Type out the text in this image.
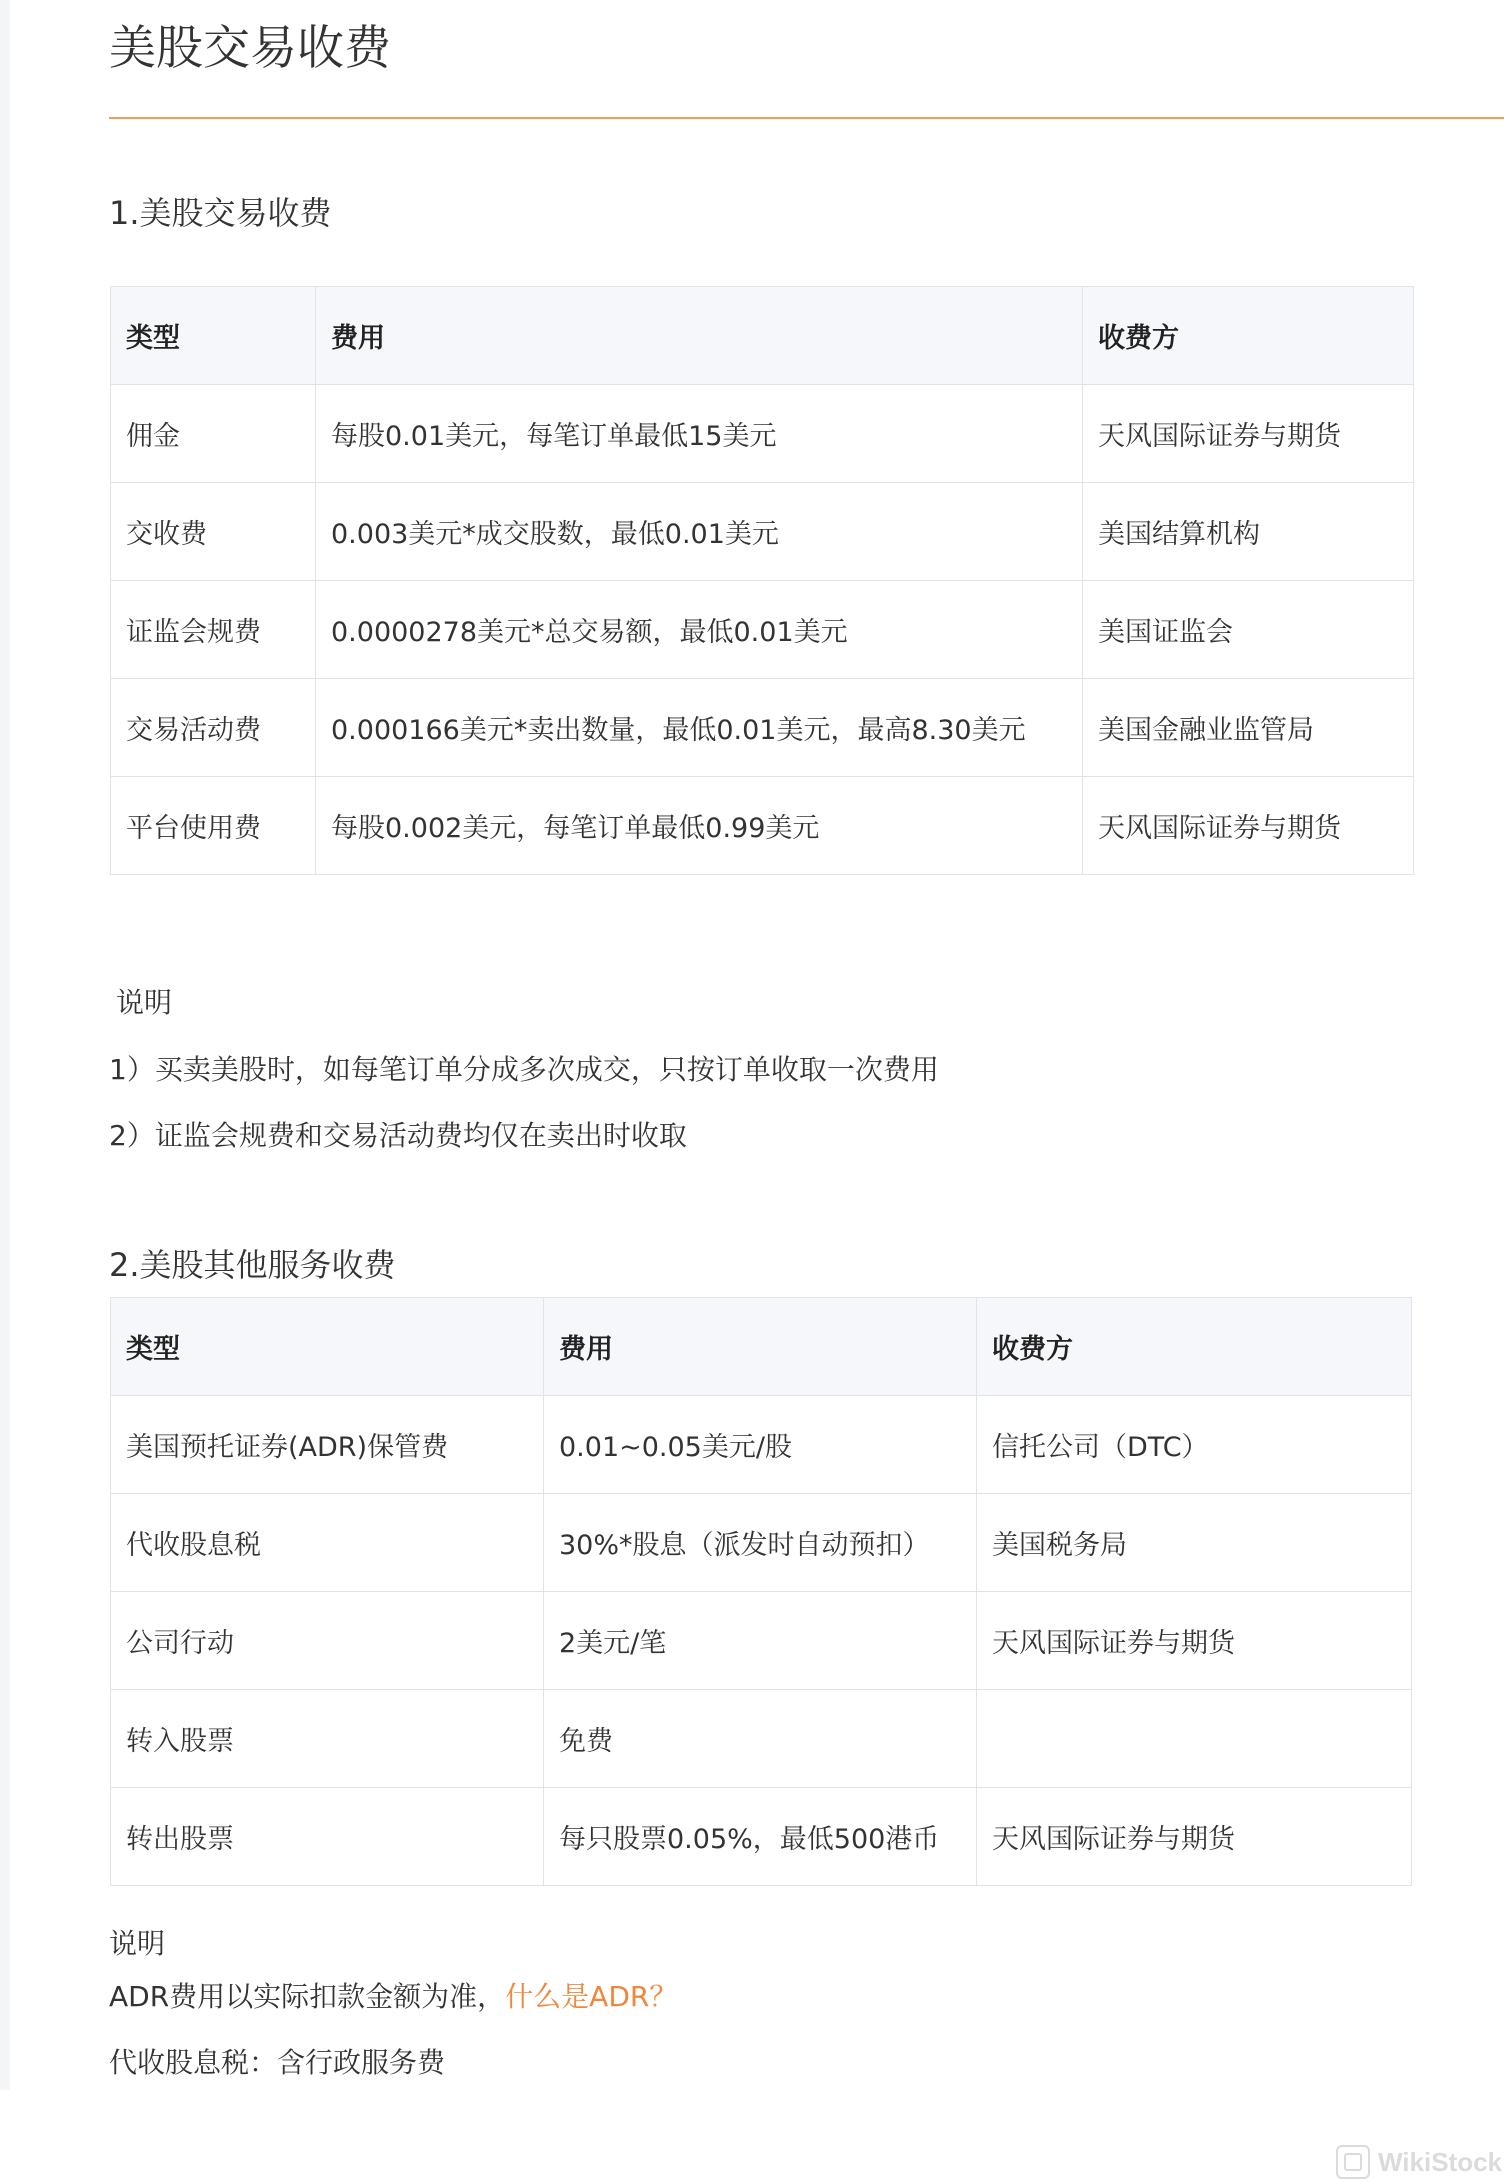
美股交易收费
1.美股交易收费
类型	费用	收费方
佣金	每股0.01美元，每笔订单最低15美元	天风国际证券与期货
交收费	0.003美元*成交股数，最低0.01美元	美国结算机构
证监会规费	0.0000278美元*总交易额，最低0.01美元	美国证监会
交易活动费	0.000166美元*卖出数量，最低0.01美元，最高8.30美元	美国金融业监管局
平台使用费	每股0.002美元，每笔订单最低0.99美元	天风国际证券与期货
说明
1）买卖美股时，如每笔订单分成多次成交，只按订单收取一次费用
2）证监会规费和交易活动费均仅在卖出时收取
2.美股其他服务收费
类型	费用	收费方
美国预托证券(ADR)保管费	0.01~0.05美元/股	信托公司（DTC）
代收股息税	30%*股息（派发时自动预扣）	美国税务局
公司行动	2美元/笔	天风国际证券与期货
转入股票	免费	
转出股票	每只股票0.05%，最低500港币	天风国际证券与期货
说明
ADR费用以实际扣款金额为准，什么是ADR？
代收股息税：含行政服务费
WikiStock
